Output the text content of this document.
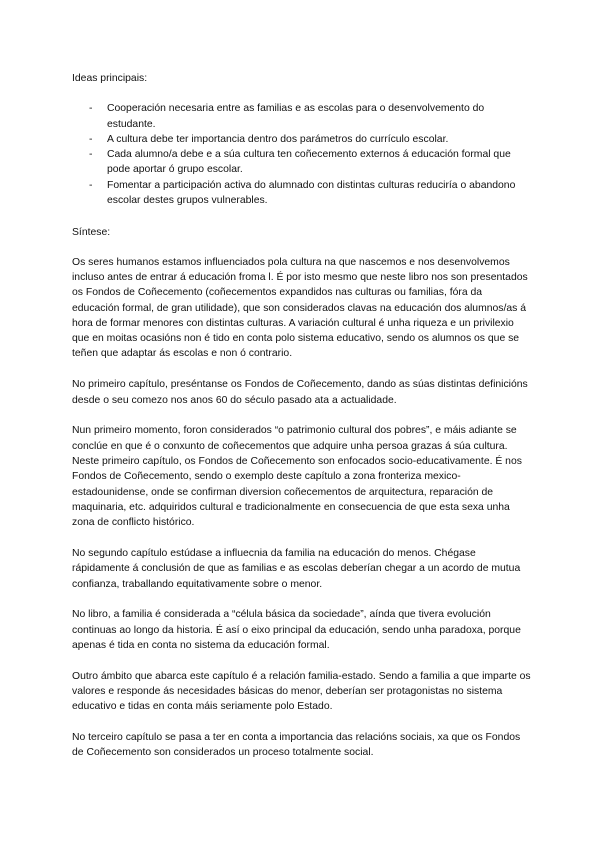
Ideas principais:

- Cooperación necesaria entre as familias e as escolas para o desenvolvemento do estudante.
- A cultura debe ter importancia dentro dos parámetros do currículo escolar.
- Cada alumno/a debe e a súa cultura ten coñecemento externos á educación formal que pode aportar ó grupo escolar.
- Fomentar a participación activa do alumnado con distintas culturas reduciría o abandono escolar destes grupos vulnerables.

Síntese:

Os seres humanos estamos influenciados pola cultura na que nascemos e nos desenvolvemos incluso antes de entrar á educación froma l. É por isto mesmo que neste libro nos son presentados os Fondos de Coñecemento (coñecementos expandidos nas culturas ou familias, fóra da educación formal, de gran utilidade), que son considerados clavas na educación dos alumnos/as á hora de formar menores con distintas culturas. A variación cultural é unha riqueza e un privilexio que en moitas ocasións non é tido en conta polo sistema educativo, sendo os alumnos os que se teñen que adaptar ás escolas e non ó contrario.

No primeiro capítulo, preséntanse os Fondos de Coñecemento, dando as súas distintas definicións desde o seu comezo nos anos 60 do século pasado ata a actualidade.

Nun primeiro momento, foron considerados “o patrimonio cultural dos pobres”, e máis adiante se conclúe en que é o conxunto de coñecementos que adquire unha persoa grazas á súa cultura. Neste primeiro capítulo, os Fondos de Coñecemento son enfocados socio-educativamente. É nos Fondos de Coñecemento, sendo o exemplo deste capítulo a zona fronteriza mexico-estadounidense, onde se confirman diversion coñecementos de arquitectura, reparación de maquinaria, etc. adquiridos cultural e tradicionalmente en consecuencia de que esta sexa unha zona de conflicto histórico.

No segundo capítulo estúdase a influecnia da familia na educación do menos. Chégase rápidamente á conclusión de que as familias e as escolas deberían chegar a un acordo de mutua confianza, traballando equitativamente sobre o menor.

No libro, a familia é considerada a “célula básica da sociedade”, aínda que tivera evolución continuas ao longo da historia. É así o eixo principal da educación, sendo unha paradoxa, porque apenas é tida en conta no sistema da educación formal.

Outro ámbito que abarca este capítulo é a relación familia-estado. Sendo a familia a que imparte os valores e responde ás necesidades básicas do menor, deberían ser protagonistas no sistema educativo e tidas en conta máis seriamente polo Estado.

No terceiro capítulo se pasa a ter en conta a importancia das relacións sociais, xa que os Fondos de Coñecemento son considerados un proceso totalmente social.
